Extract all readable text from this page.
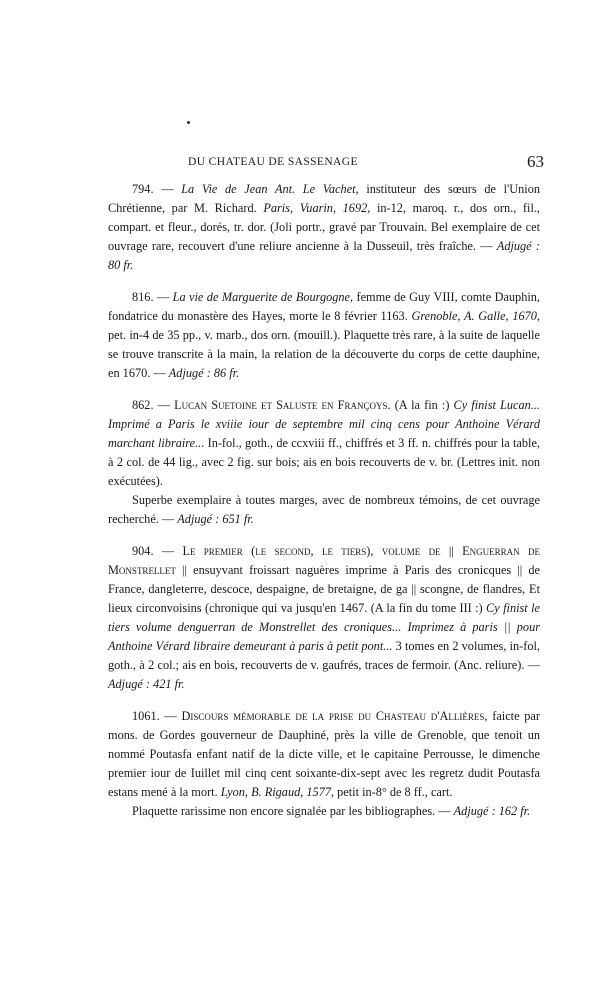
DU CHATEAU DE SASSENAGE	63

794. — La Vie de Jean Ant. Le Vachet, instituteur des sœurs de l'Union Chrétienne, par M. Richard. Paris, Vuarin, 1692, in-12, maroq. r., dos orn., fil., compart. et fleur., dorés, tr. dor. (Joli portr., gravé par Trouvain. Bel exemplaire de cet ouvrage rare, recouvert d'une reliure ancienne à la Dusseuil, très fraîche. — Adjugé : 80 fr.

816. — La vie de Marguerite de Bourgogne, femme de Guy VIII, comte Dauphin, fondatrice du monastère des Hayes, morte le 8 février 1163. Grenoble, A. Galle, 1670, pet. in-4 de 35 pp., v. marb., dos orn. (mouill.). Plaquette très rare, à la suite de laquelle se trouve transcrite à la main, la relation de la découverte du corps de cette dauphine, en 1670. — Adjugé : 86 fr.

862. — Lucan Suetoine et Saluste en Françoys. (A la fin :) Cy finist Lucan... Imprimé a Paris le xviiie iour de septembre mil cinq cens pour Anthoine Vérard marchant libraire... In-fol., goth., de ccxviii ff., chiffrés et 3 ff. n. chiffrés pour la table, à 2 col. de 44 lig., avec 2 fig. sur bois; ais en bois recouverts de v. br. (Lettres init. non exécutées).

Superbe exemplaire à toutes marges, avec de nombreux témoins, de cet ouvrage recherché. — Adjugé : 651 fr.

904. — Le premier (le second, le tiers), volume de || Enguerran de Monstrellet || ensuyvant froissart naguères imprime à Paris des cronicques || de France, dangleterre, descoce, despaigne, de bretaigne, de ga || scongne, de flandres, Et lieux circonvoisins (chronique qui va jusqu'en 1467. (A la fin du tome III :) Cy finist le tiers volume denguerran de Monstrellet des croniques... Imprimez à paris || pour Anthoine Vérard libraire demeurant à paris à petit pont... 3 tomes en 2 volumes, in-fol, goth., à 2 col.; ais en bois, recouverts de v. gaufrés, traces de fermoir. (Anc. reliure). — Adjugé : 421 fr.

1061. — Discours mémorable de la prise du Chasteau d'Allières, faicte par mons. de Gordes gouverneur de Dauphiné, près la ville de Grenoble, que tenoit un nommé Poutasfa enfant natif de la dicte ville, et le capitaine Perrousse, le dimenche premier iour de Iuillet mil cinq cent soixante-dix-sept avec les regretz dudit Poutasfa estans mené à la mort. Lyon, B. Rigaud, 1577, petit in-8° de 8 ff., cart.

Plaquette rarissime non encore signalée par les bibliographes. — Adjugé : 162 fr.
